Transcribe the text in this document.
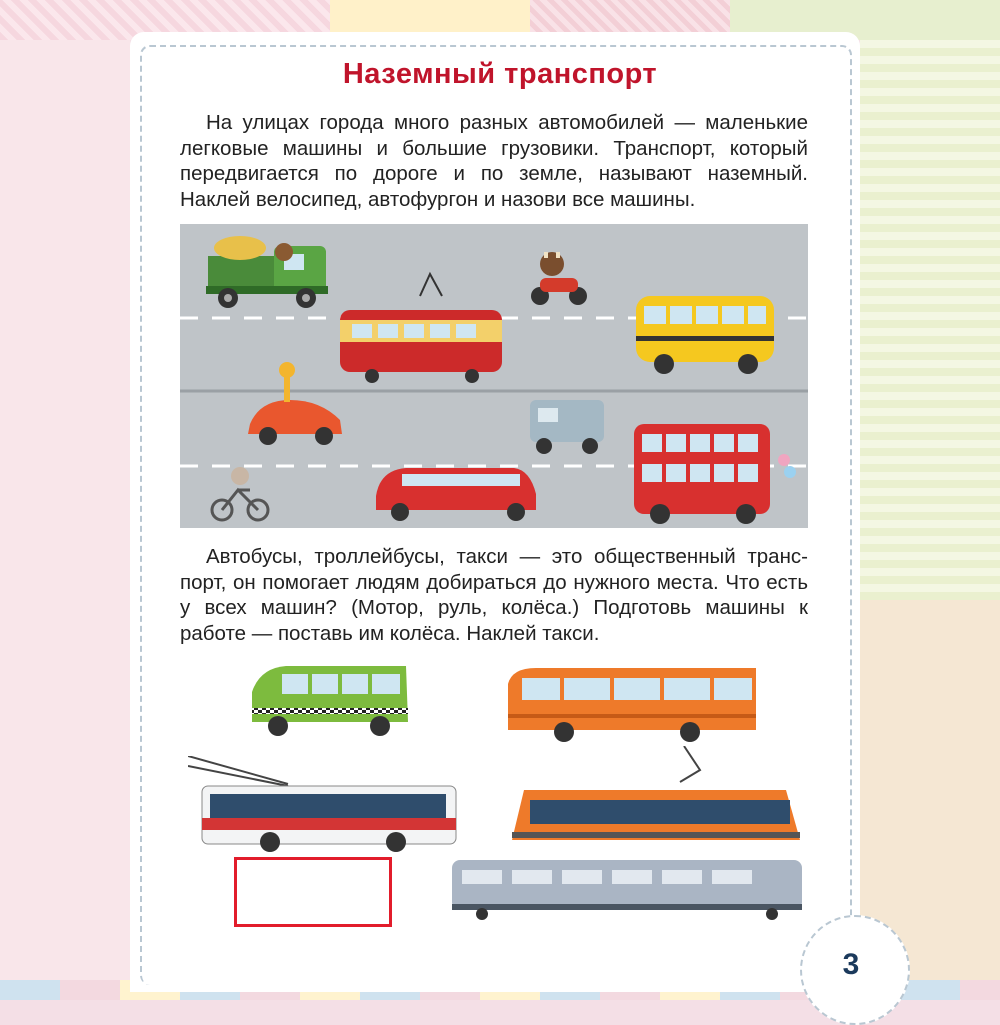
Наземный транспорт

На улицах города много разных автомобилей — маленькие легковые машины и большие грузовики. Транспорт, который передвигается по дороге и по земле, называют наземный. Наклей велосипед, автофургон и назови все машины.

Автобусы, троллейбусы, такси — это общественный транспорт, он помогает людям добираться до нужного места. Что есть у всех машин? (Мотор, руль, колёса.) Подготовь машины к работе — поставь им колёса. Наклей такси.

3
